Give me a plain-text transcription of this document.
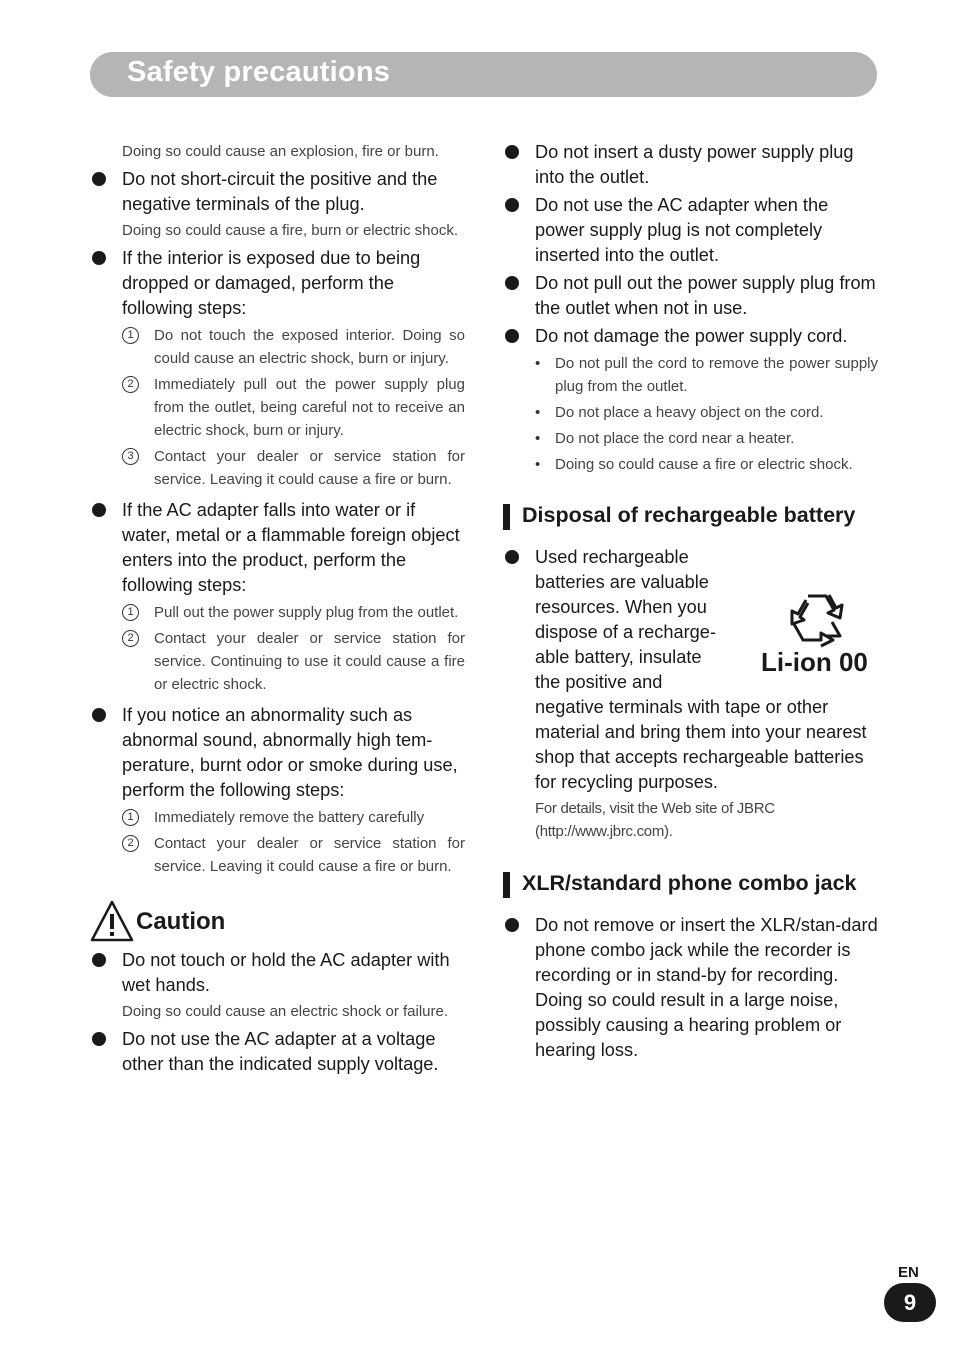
Safety precautions
Doing so could cause an explosion, fire or burn.
Do not short-circuit the positive and the negative terminals of the plug.
Doing so could cause a fire, burn or electric shock.
If the interior is exposed due to being dropped or damaged, perform the following steps:
1	Do not touch the exposed interior. Doing so could cause an electric shock, burn or injury.
2	Immediately pull out the power supply plug from the outlet, being careful not to receive an electric shock, burn or injury.
3	Contact your dealer or service station for service. Leaving it could cause a fire or burn.
If the AC adapter falls into water or if water, metal or a flammable foreign object enters into the product, perform the following steps:
1	Pull out the power supply plug from the outlet.
2	Contact your dealer or service station for service. Continuing to use it could cause a fire or electric shock.
If you notice an abnormality such as abnormal sound, abnormally high tem-perature, burnt odor or smoke during use, perform the following steps:
1	Immediately remove the battery carefully
2	Contact your dealer or service station for service. Leaving it could cause a fire or burn.
Caution
Do not touch or hold the AC adapter with wet hands.
Doing so could cause an electric shock or failure.
Do not use the AC adapter at a voltage other than the indicated supply voltage.
Do not insert a dusty power supply plug into the outlet.
Do not use the AC adapter when the power supply plug is not completely inserted into the outlet.
Do not pull out the power supply plug from the outlet when not in use.
Do not damage the power supply cord.
• Do not pull the cord to remove the power supply plug from the outlet.
• Do not place a heavy object on the cord.
• Do not place the cord near a heater.
• Doing so could cause a fire or electric shock.
Disposal of rechargeable battery
Used rechargeable
batteries are valuable
resources. When you
dispose of a recharge-
able battery, insulate
the positive and
negative terminals with tape or other material and bring them into your nearest shop that accepts rechargeable batteries for recycling purposes.
For details, visit the Web site of JBRC (http://www.jbrc.com).
Li-ion 00
XLR/standard phone combo jack
Do not remove or insert the XLR/stan-dard phone combo jack while the recorder is recording or in stand-by for recording. Doing so could result in a large noise, possibly causing a hearing problem or hearing loss.
EN
9
